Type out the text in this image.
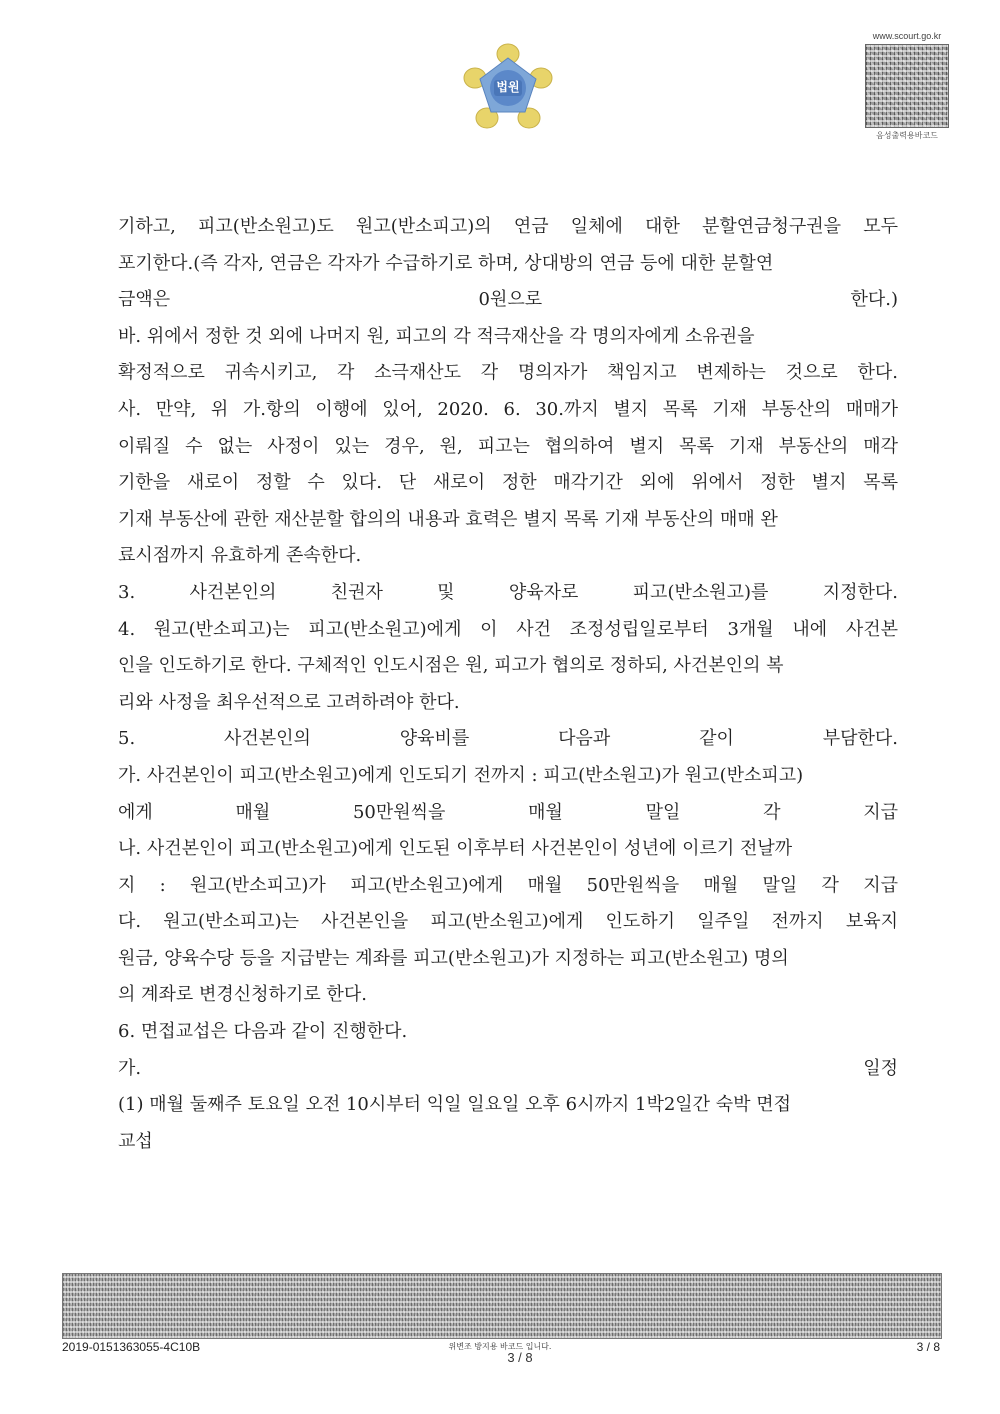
법원
www.scourt.go.kr
음성출력용바코드
기하고, 피고(반소원고)도 원고(반소피고)의 연금 일체에 대한 분할연금청구권을 모두
포기한다.(즉 각자, 연금은 각자가 수급하기로 하며, 상대방의 연금 등에 대한 분할연
금액은 0원으로 한다.)
바. 위에서 정한 것 외에 나머지 원, 피고의 각 적극재산을 각 명의자에게 소유권을
확정적으로 귀속시키고, 각 소극재산도 각 명의자가 책임지고 변제하는 것으로 한다.
사. 만약, 위 가.항의 이행에 있어, 2020. 6. 30.까지 별지 목록 기재 부동산의 매매가
이뤄질 수 없는 사정이 있는 경우, 원, 피고는 협의하여 별지 목록 기재 부동산의 매각
기한을 새로이 정할 수 있다. 단 새로이 정한 매각기간 외에 위에서 정한 별지 목록
기재 부동산에 관한 재산분할 합의의 내용과 효력은 별지 목록 기재 부동산의 매매 완
료시점까지 유효하게 존속한다.
3. 사건본인의 친권자 및 양육자로 피고(반소원고)를 지정한다.
4. 원고(반소피고)는 피고(반소원고)에게 이 사건 조정성립일로부터 3개월 내에 사건본
인을 인도하기로 한다. 구체적인 인도시점은 원, 피고가 협의로 정하되, 사건본인의 복
리와 사정을 최우선적으로 고려하려야 한다.
5. 사건본인의 양육비를 다음과 같이 부담한다.
가. 사건본인이 피고(반소원고)에게 인도되기 전까지 : 피고(반소원고)가 원고(반소피고)
에게 매월 50만원씩을 매월 말일 각 지급
나. 사건본인이 피고(반소원고)에게 인도된 이후부터 사건본인이 성년에 이르기 전날까
지 : 원고(반소피고)가 피고(반소원고)에게 매월 50만원씩을 매월 말일 각 지급
다. 원고(반소피고)는 사건본인을 피고(반소원고)에게 인도하기 일주일 전까지 보육지
원금, 양육수당 등을 지급받는 계좌를 피고(반소원고)가 지정하는 피고(반소원고) 명의
의 계좌로 변경신청하기로 한다.
6. 면접교섭은 다음과 같이 진행한다.
가. 일정
(1) 매월 둘째주 토요일 오전 10시부터 익일 일요일 오후 6시까지 1박2일간 숙박 면접
교섭
2019-0151363055-4C10B	위변조 방지용 바코드 입니다.
3 / 8
3 / 8
